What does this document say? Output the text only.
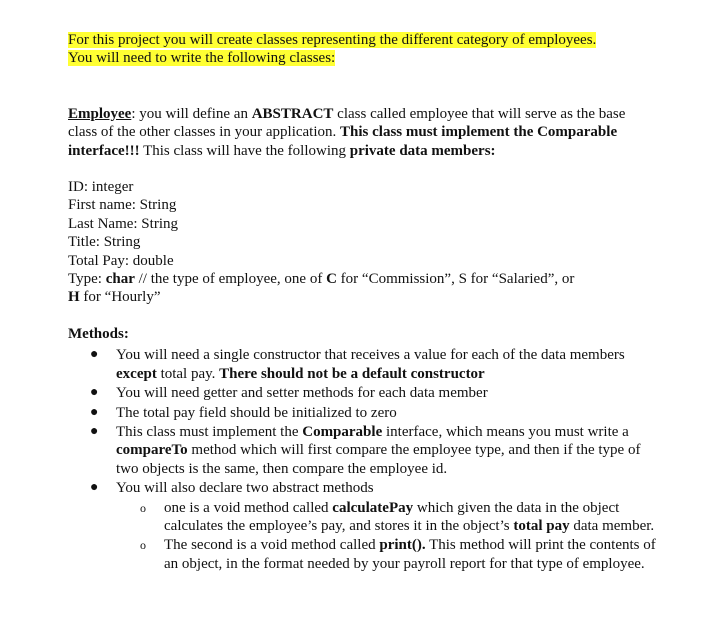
For this project you will create classes representing the different category of employees.
You will need to write the following classes:

Employee: you will define an ABSTRACT class called employee that will serve as the base class of the other classes in your application. This class must implement the Comparable interface!!! This class will have the following private data members:

ID: integer
First name: String
Last Name: String
Title: String
Total Pay: double
Type: char // the type of employee, one of C for “Commission”, S for “Salaried”, or
H for “Hourly”
Methods:
● You will need a single constructor that receives a value for each of the data members except total pay. There should not be a default constructor
● You will need getter and setter methods for each data member
● The total pay field should be initialized to zero
● This class must implement the Comparable interface, which means you must write a compareTo method which will first compare the employee type, and then if the type of two objects is the same, then compare the employee id.
● You will also declare two abstract methods
o one is a void method called calculatePay which given the data in the object calculates the employee’s pay, and stores it in the object’s total pay data member.
o The second is a void method called print(). This method will print the contents of an object, in the format needed by your payroll report for that type of employee.
